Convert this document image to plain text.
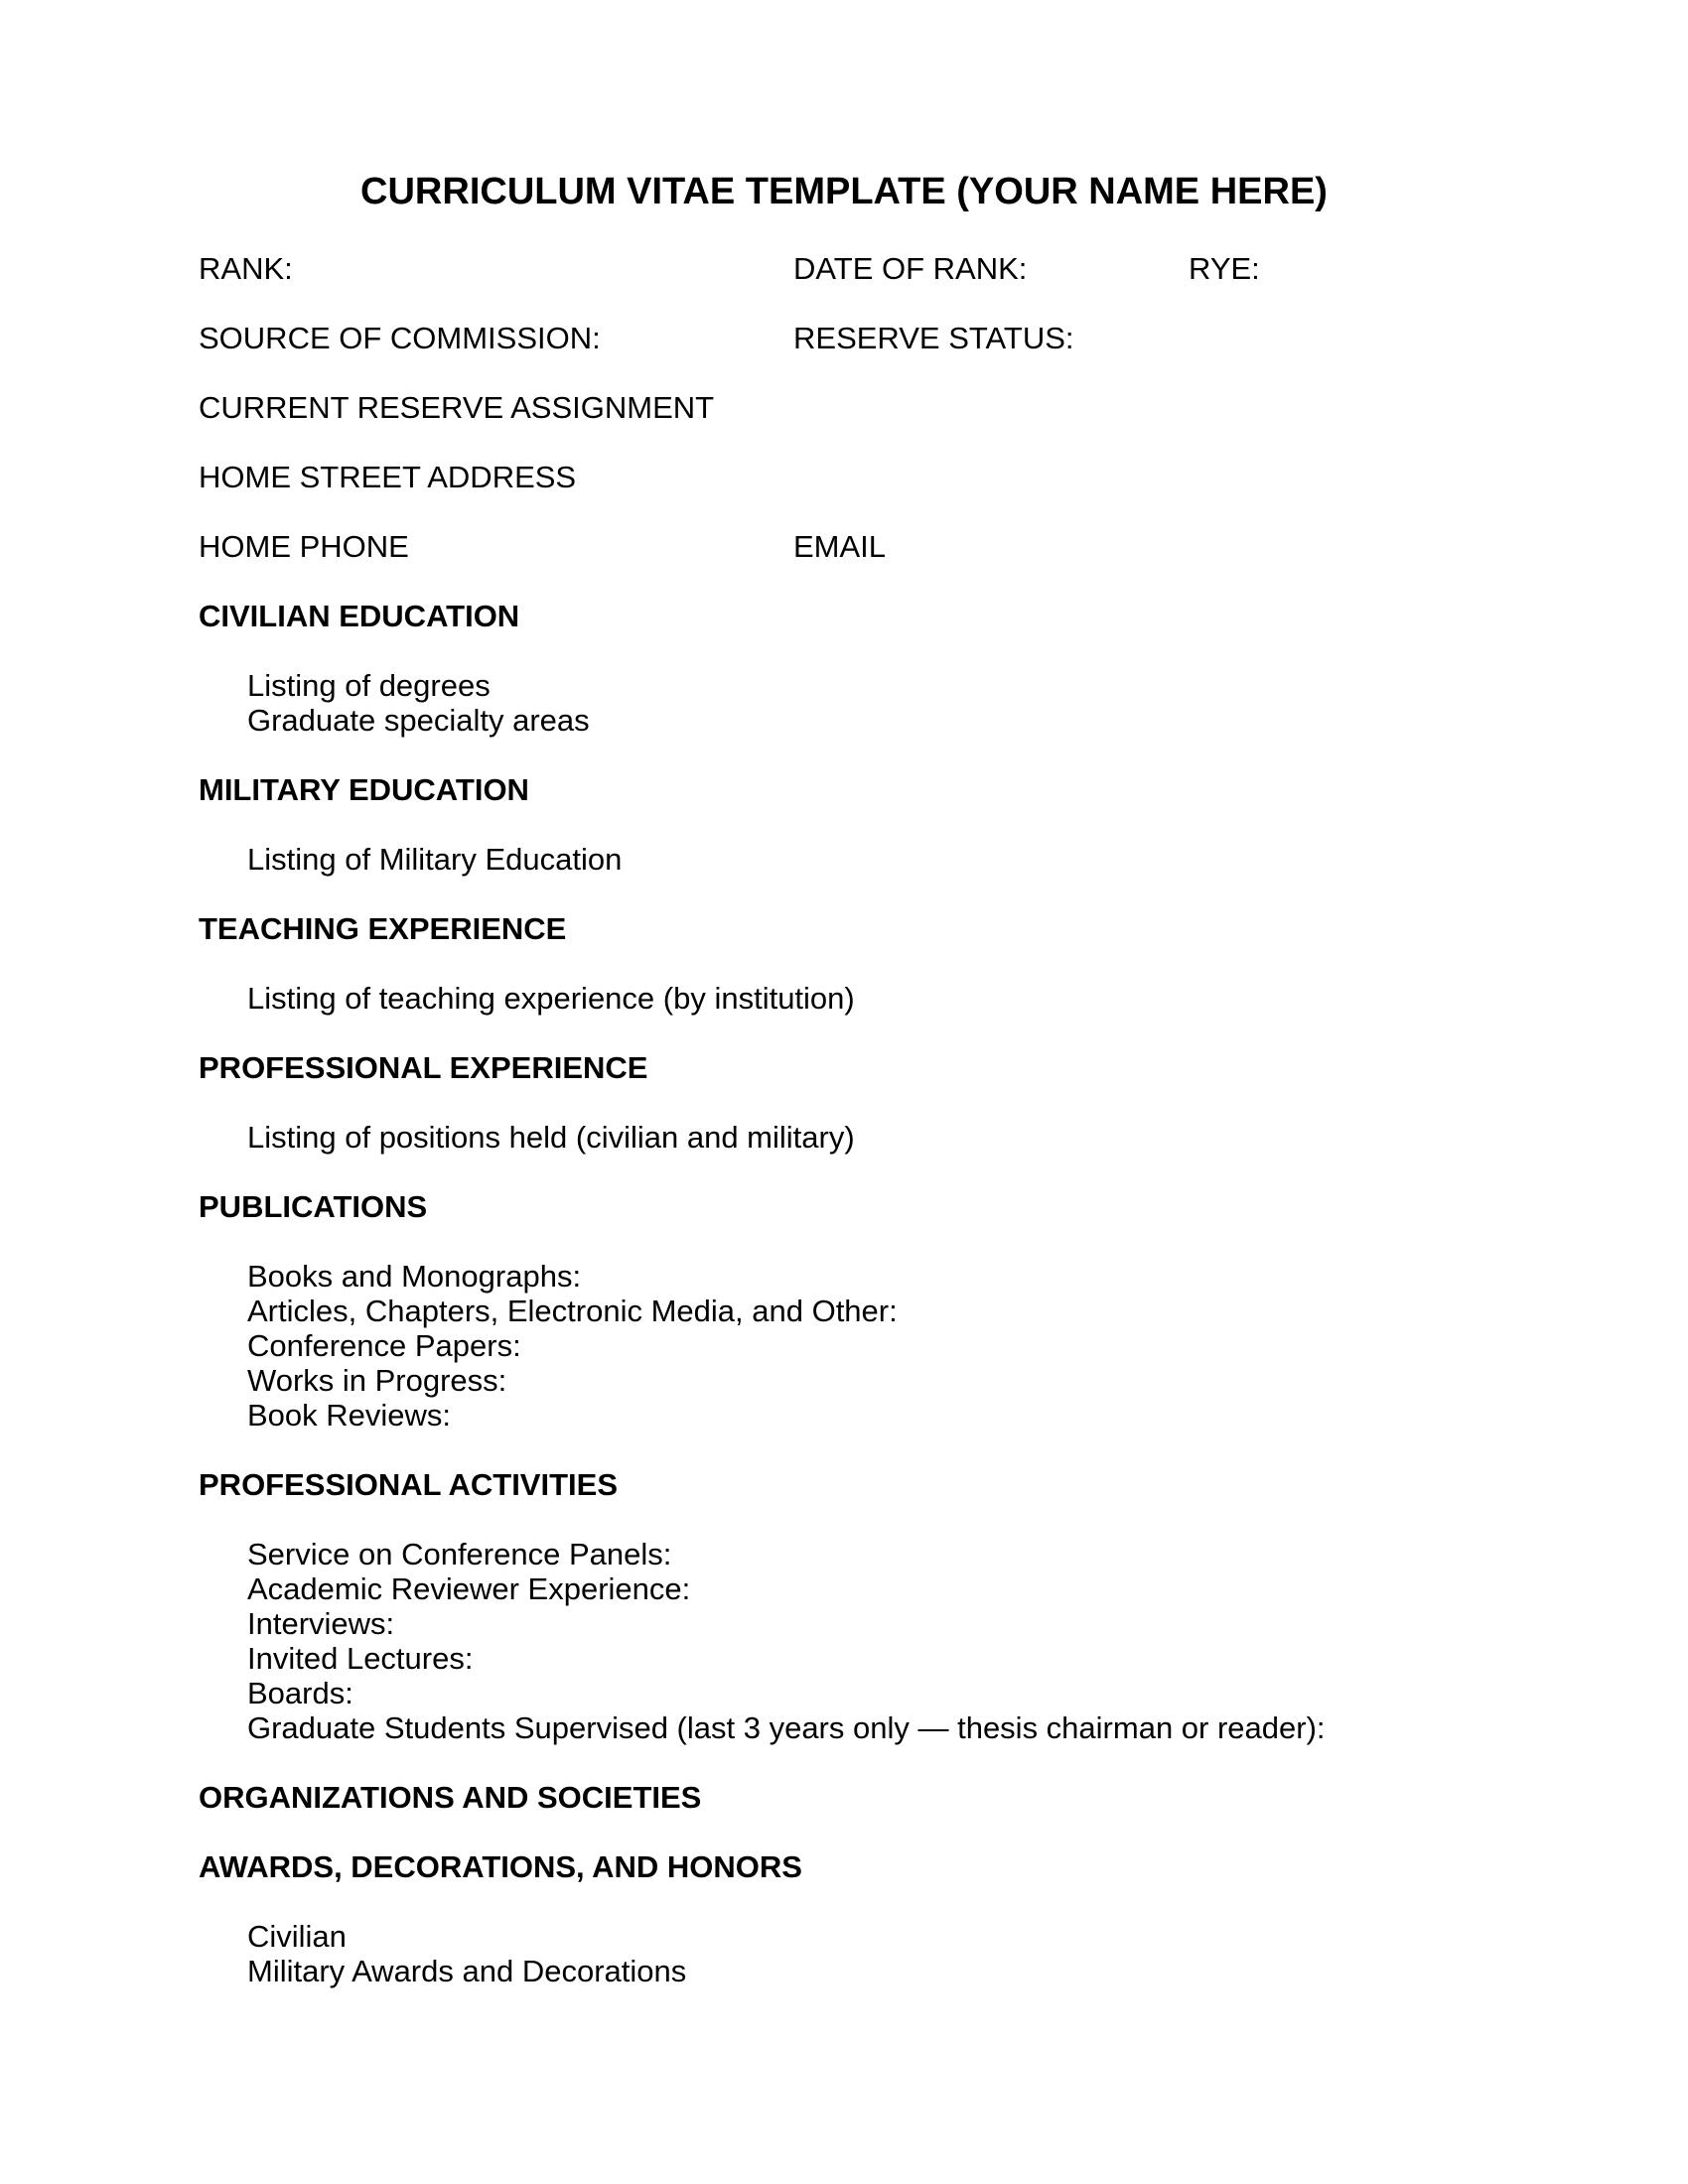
CURRICULUM VITAE TEMPLATE (YOUR NAME HERE)
RANK:	DATE OF RANK:	RYE:
SOURCE OF COMMISSION:	RESERVE STATUS:
CURRENT RESERVE ASSIGNMENT
HOME STREET ADDRESS
HOME PHONE	EMAIL
CIVILIAN EDUCATION
Listing of degrees
Graduate specialty areas
MILITARY EDUCATION
Listing of Military Education
TEACHING EXPERIENCE
Listing of teaching experience (by institution)
PROFESSIONAL EXPERIENCE
Listing of positions held (civilian and military)
PUBLICATIONS
Books and Monographs:
Articles, Chapters, Electronic Media, and Other:
Conference Papers:
Works in Progress:
Book Reviews:
PROFESSIONAL ACTIVITIES
Service on Conference Panels:
Academic Reviewer Experience:
Interviews:
Invited Lectures:
Boards:
Graduate Students Supervised (last 3 years only — thesis chairman or reader):
ORGANIZATIONS AND SOCIETIES
AWARDS, DECORATIONS, AND HONORS
Civilian
Military Awards and Decorations
